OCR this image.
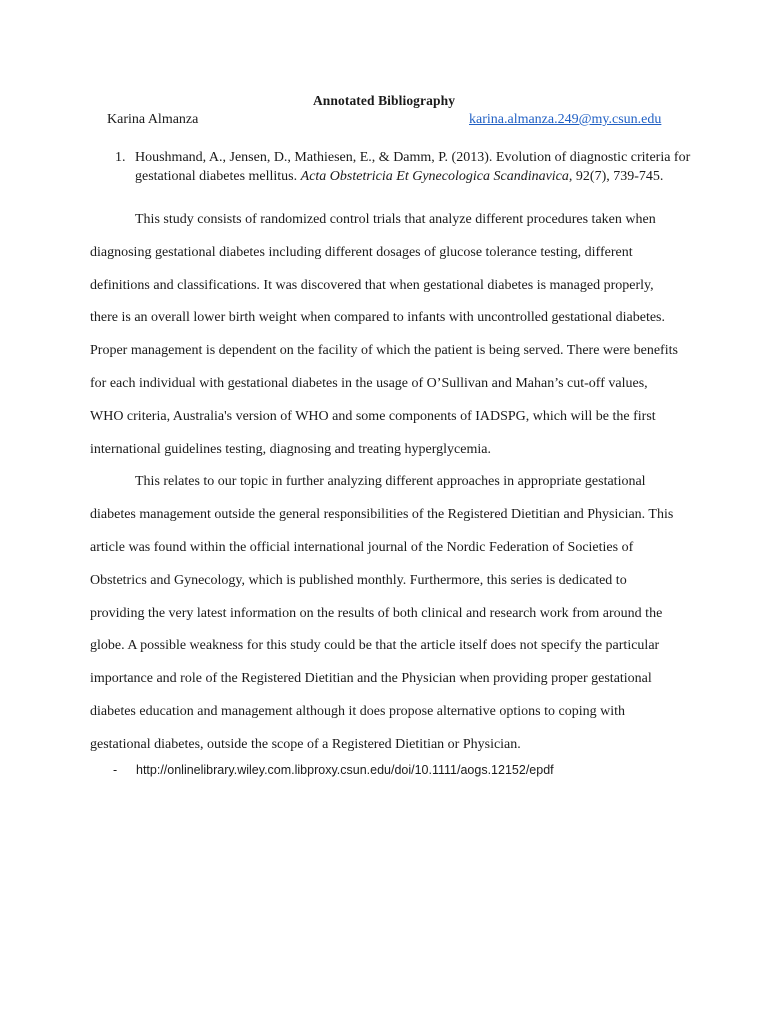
Annotated Bibliography
Karina Almanza	karina.almanza.249@my.csun.edu
1. Houshmand, A., Jensen, D., Mathiesen, E., & Damm, P. (2013). Evolution of diagnostic criteria for gestational diabetes mellitus. Acta Obstetricia Et Gynecologica Scandinavica, 92(7), 739-745.

This study consists of randomized control trials that analyze different procedures taken when diagnosing gestational diabetes including different dosages of glucose tolerance testing, different definitions and classifications. It was discovered that when gestational diabetes is managed properly, there is an overall lower birth weight when compared to infants with uncontrolled gestational diabetes. Proper management is dependent on the facility of which the patient is being served. There were benefits for each individual with gestational diabetes in the usage of O’Sullivan and Mahan’s cut-off values, WHO criteria, Australia's version of WHO and some components of IADSPG, which will be the first international guidelines testing, diagnosing and treating hyperglycemia.

This relates to our topic in further analyzing different approaches in appropriate gestational diabetes management outside the general responsibilities of the Registered Dietitian and Physician. This article was found within the official international journal of the Nordic Federation of Societies of Obstetrics and Gynecology, which is published monthly. Furthermore, this series is dedicated to providing the very latest information on the results of both clinical and research work from around the globe. A possible weakness for this study could be that the article itself does not specify the particular importance and role of the Registered Dietitian and the Physician when providing proper gestational diabetes education and management although it does propose alternative options to coping with gestational diabetes, outside the scope of a Registered Dietitian or Physician.

- http://onlinelibrary.wiley.com.libproxy.csun.edu/doi/10.1111/aogs.12152/epdf
